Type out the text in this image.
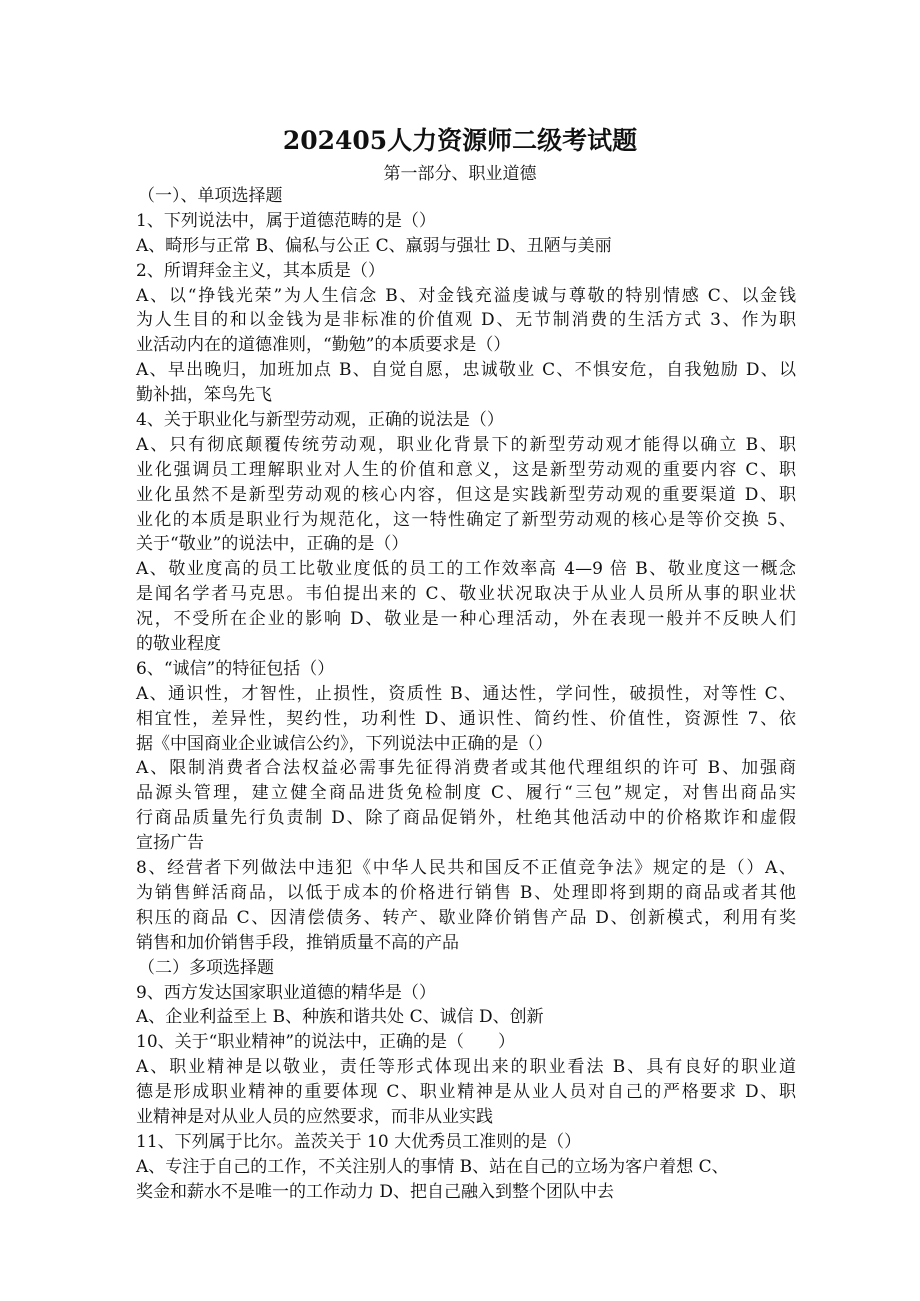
202405人力资源师二级考试题
第一部分、职业道德
（一）、单项选择题
1、下列说法中，属于道德范畴的是（）
A、畸形与正常 B、偏私与公正 C、羸弱与强壮 D、丑陋与美丽
2、所谓拜金主义，其本质是（）
A、以“挣钱光荣”为人生信念 B、对金钱充溢虔诚与尊敬的特别情感 C、以金钱
为人生目的和以金钱为是非标准的价值观 D、无节制消费的生活方式 3、作为职
业活动内在的道德准则，“勤勉”的本质要求是（）
A、早出晚归，加班加点 B、自觉自愿，忠诚敬业 C、不惧安危，自我勉励 D、以
勤补拙，笨鸟先飞
4、关于职业化与新型劳动观，正确的说法是（）
A、只有彻底颠覆传统劳动观，职业化背景下的新型劳动观才能得以确立 B、职
业化强调员工理解职业对人生的价值和意义，这是新型劳动观的重要内容 C、职
业化虽然不是新型劳动观的核心内容，但这是实践新型劳动观的重要渠道 D、职
业化的本质是职业行为规范化，这一特性确定了新型劳动观的核心是等价交换 5、
关于“敬业”的说法中，正确的是（）
A、敬业度高的员工比敬业度低的员工的工作效率高 4—9 倍 B、敬业度这一概念
是闻名学者马克思。韦伯提出来的 C、敬业状况取决于从业人员所从事的职业状
况，不受所在企业的影响 D、敬业是一种心理活动，外在表现一般并不反映人们
的敬业程度
6、“诚信”的特征包括（）
A、通识性，才智性，止损性，资质性 B、通达性，学问性，破损性，对等性 C、
相宜性，差异性，契约性，功利性 D、通识性、简约性、价值性，资源性 7、依
据《中国商业企业诚信公约》，下列说法中正确的是（）
A、限制消费者合法权益必需事先征得消费者或其他代理组织的许可 B、加强商
品源头管理，建立健全商品进货免检制度 C、履行“三包”规定，对售出商品实
行商品质量先行负责制 D、除了商品促销外，杜绝其他活动中的价格欺诈和虚假
宣扬广告
8、经营者下列做法中违犯《中华人民共和国反不正值竞争法》规定的是（）A、
为销售鲜活商品，以低于成本的价格进行销售 B、处理即将到期的商品或者其他
积压的商品 C、因清偿债务、转产、歇业降价销售产品 D、创新模式，利用有奖
销售和加价销售手段，推销质量不高的产品
（二）多项选择题
9、西方发达国家职业道德的精华是（）
A、企业利益至上 B、种族和谐共处 C、诚信 D、创新
10、关于“职业精神”的说法中，正确的是（　　）
A、职业精神是以敬业，责任等形式体现出来的职业看法 B、具有良好的职业道
德是形成职业精神的重要体现 C、职业精神是从业人员对自己的严格要求 D、职
业精神是对从业人员的应然要求，而非从业实践
11、下列属于比尔。盖茨关于 10 大优秀员工准则的是（）
A、专注于自己的工作，不关注别人的事情 B、站在自己的立场为客户着想 C、
奖金和薪水不是唯一的工作动力 D、把自己融入到整个团队中去
